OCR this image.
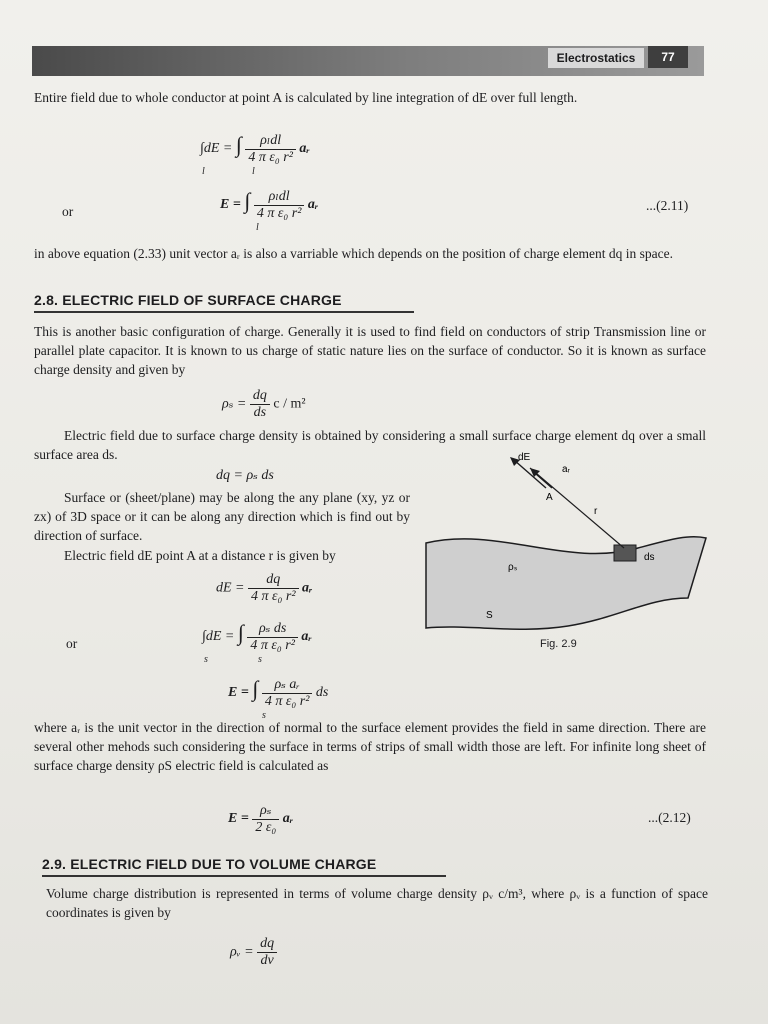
Electrostatics	77
Entire field due to whole conductor at point A is calculated by line integration of dE over full length.
∫dE = ∫ $\frac{\text{ρₗdl}}{\text{4 π ε₀ r²}}$ aᵣ
l	l
or	E = ∫ $\frac{\text{ρₗdl}}{\text{4 π ε₀ r²}}$ aᵣ
l
...(2.11)
in above equation (2.33) unit vector aᵣ is also a varriable which depends on the position of charge element dq in space.
2.8. ELECTRIC FIELD OF SURFACE CHARGE
This is another basic configuration of charge. Generally it is used to find field on conductors of strip Transmission line or parallel plate capacitor. It is known to us charge of static nature lies on the surface of conductor. So it is known as surface charge density and given by
$\rho_s = \frac{dq}{ds}$ c / m²
Electric field due to surface charge density is obtained by considering a small surface charge element dq over a small surface area ds.
dq = ρₛ ds
Surface or (sheet/plane) may be along the any plane (xy, yz or zx) of 3D space or it can be along any direction which is find out by direction of surface.
Electric field dE point A at a distance r is given by
dE = $\frac{dq}{\text{4 π ε₀ r²}}$ aᵣ
or	∫dE = ∫ $\frac{\text{ρₛ ds}}{\text{4 π ε₀ r²}}$ aᵣ
s	s
E = ∫ $\frac{\text{ρₛ aᵣ}}{\text{4 π ε₀ r²}}$ ds
s
dE
aᵣ
A
r
ds
ρₛ
S
Fig. 2.9
where aᵣ is the unit vector in the direction of normal to the surface element provides the field in same direction. There are several other mehods such considering the surface in terms of strips of small width those are left. For infinite long sheet of surface charge density ρS electric field is calculated as
$E = \frac{\text{ρₛ}}{\text{2 ε₀}}$ aᵣ	...(2.12)
2.9. ELECTRIC FIELD DUE TO VOLUME CHARGE
Volume charge distribution is represented in terms of volume charge density ρᵥ c/m³, where ρᵥ is a function of space coordinates is given by
ρᵥ = $\frac{dq}{dv}$
